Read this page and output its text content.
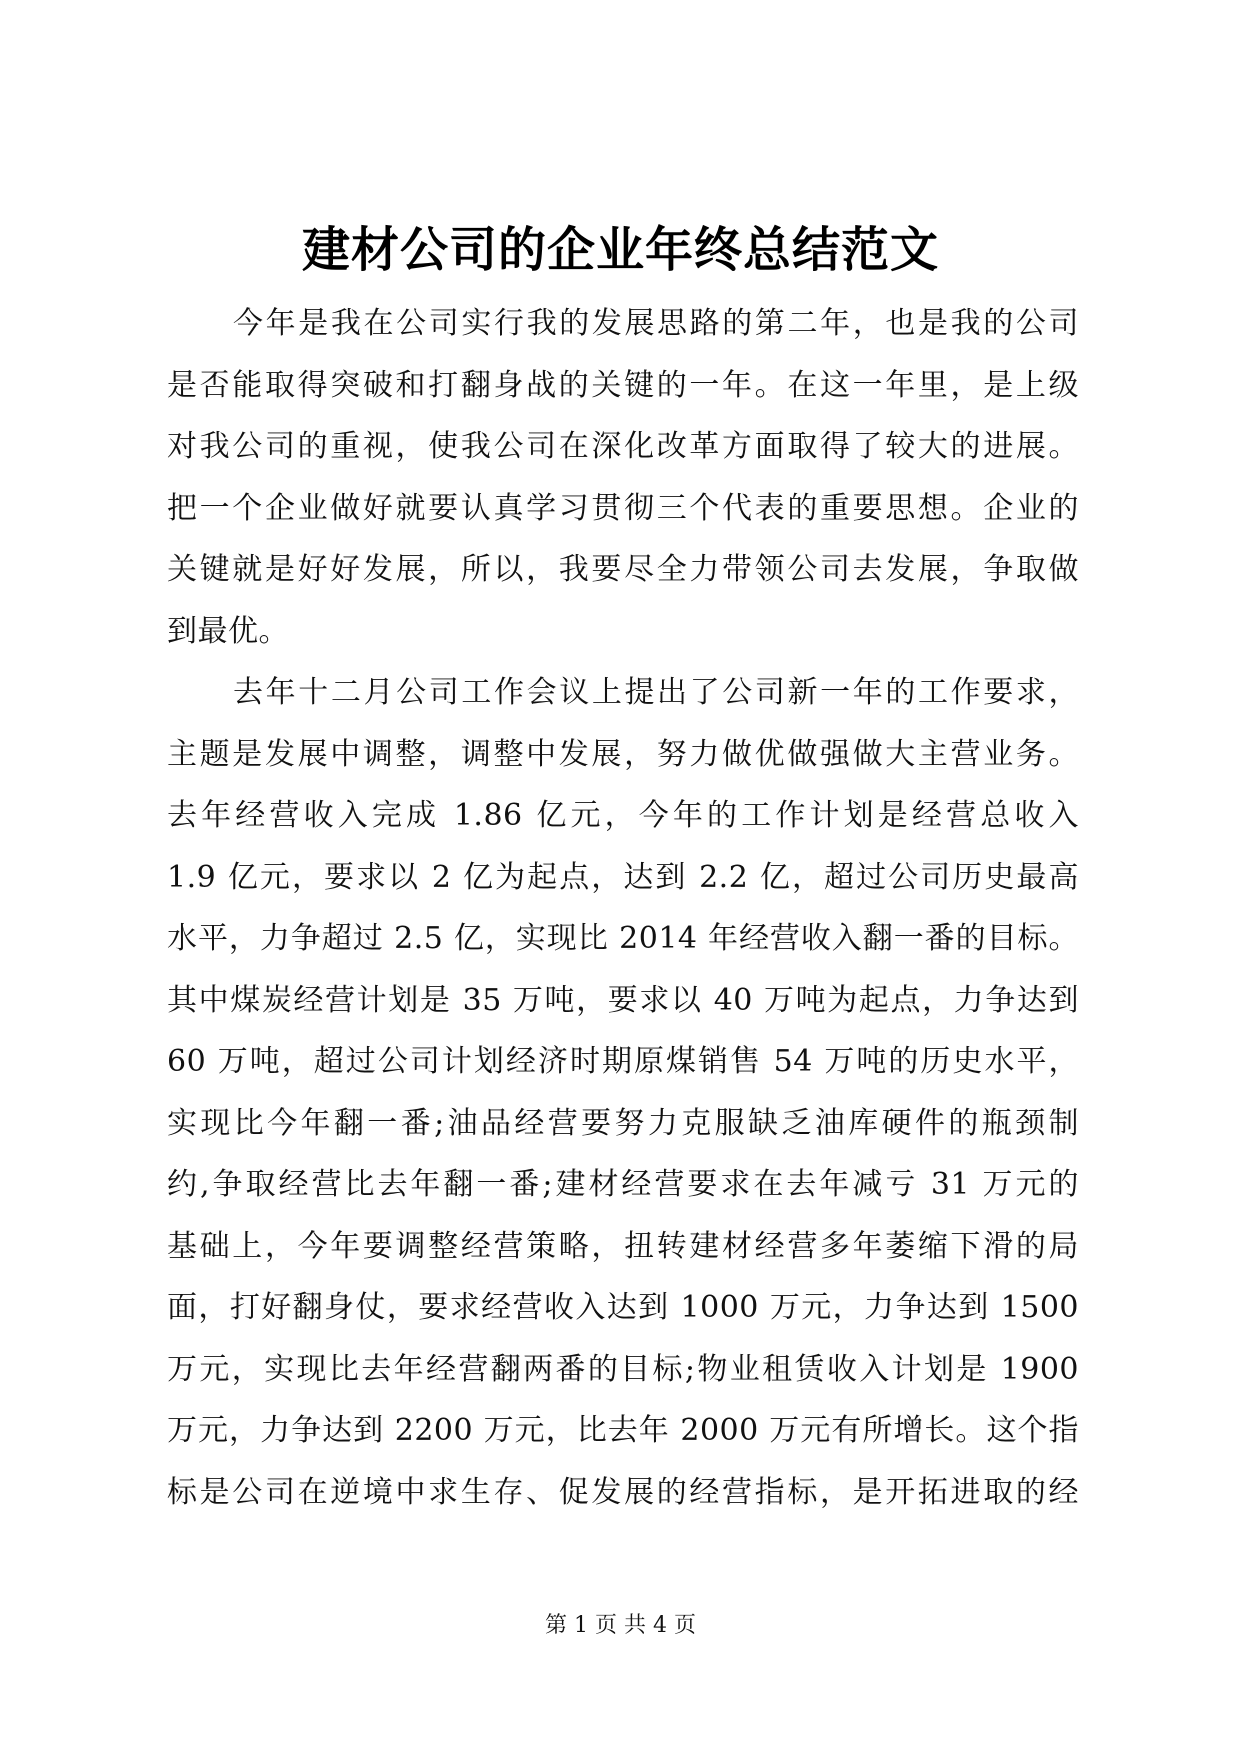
建材公司的企业年终总结范文
今年是我在公司实行我的发展思路的第二年，也是我的公司
是否能取得突破和打翻身战的关键的一年。在这一年里，是上级
对我公司的重视，使我公司在深化改革方面取得了较大的进展。
把一个企业做好就要认真学习贯彻三个代表的重要思想。企业的
关键就是好好发展，所以，我要尽全力带领公司去发展，争取做
到最优。
去年十二月公司工作会议上提出了公司新一年的工作要求，
主题是发展中调整，调整中发展，努力做优做强做大主营业务。
去年经营收入完成 1.86 亿元，今年的工作计划是经营总收入
1.9 亿元，要求以 2 亿为起点，达到 2.2 亿，超过公司历史最高
水平，力争超过 2.5 亿，实现比 2014 年经营收入翻一番的目标。
其中煤炭经营计划是 35 万吨，要求以 40 万吨为起点，力争达到
60 万吨，超过公司计划经济时期原煤销售 54 万吨的历史水平，
实现比今年翻一番;油品经营要努力克服缺乏油库硬件的瓶颈制
约,争取经营比去年翻一番;建材经营要求在去年减亏 31 万元的
基础上，今年要调整经营策略，扭转建材经营多年萎缩下滑的局
面，打好翻身仗，要求经营收入达到 1000 万元，力争达到 1500
万元，实现比去年经营翻两番的目标;物业租赁收入计划是 1900
万元，力争达到 2200 万元，比去年 2000 万元有所增长。这个指
标是公司在逆境中求生存、促发展的经营指标，是开拓进取的经
第 1 页 共 4 页
